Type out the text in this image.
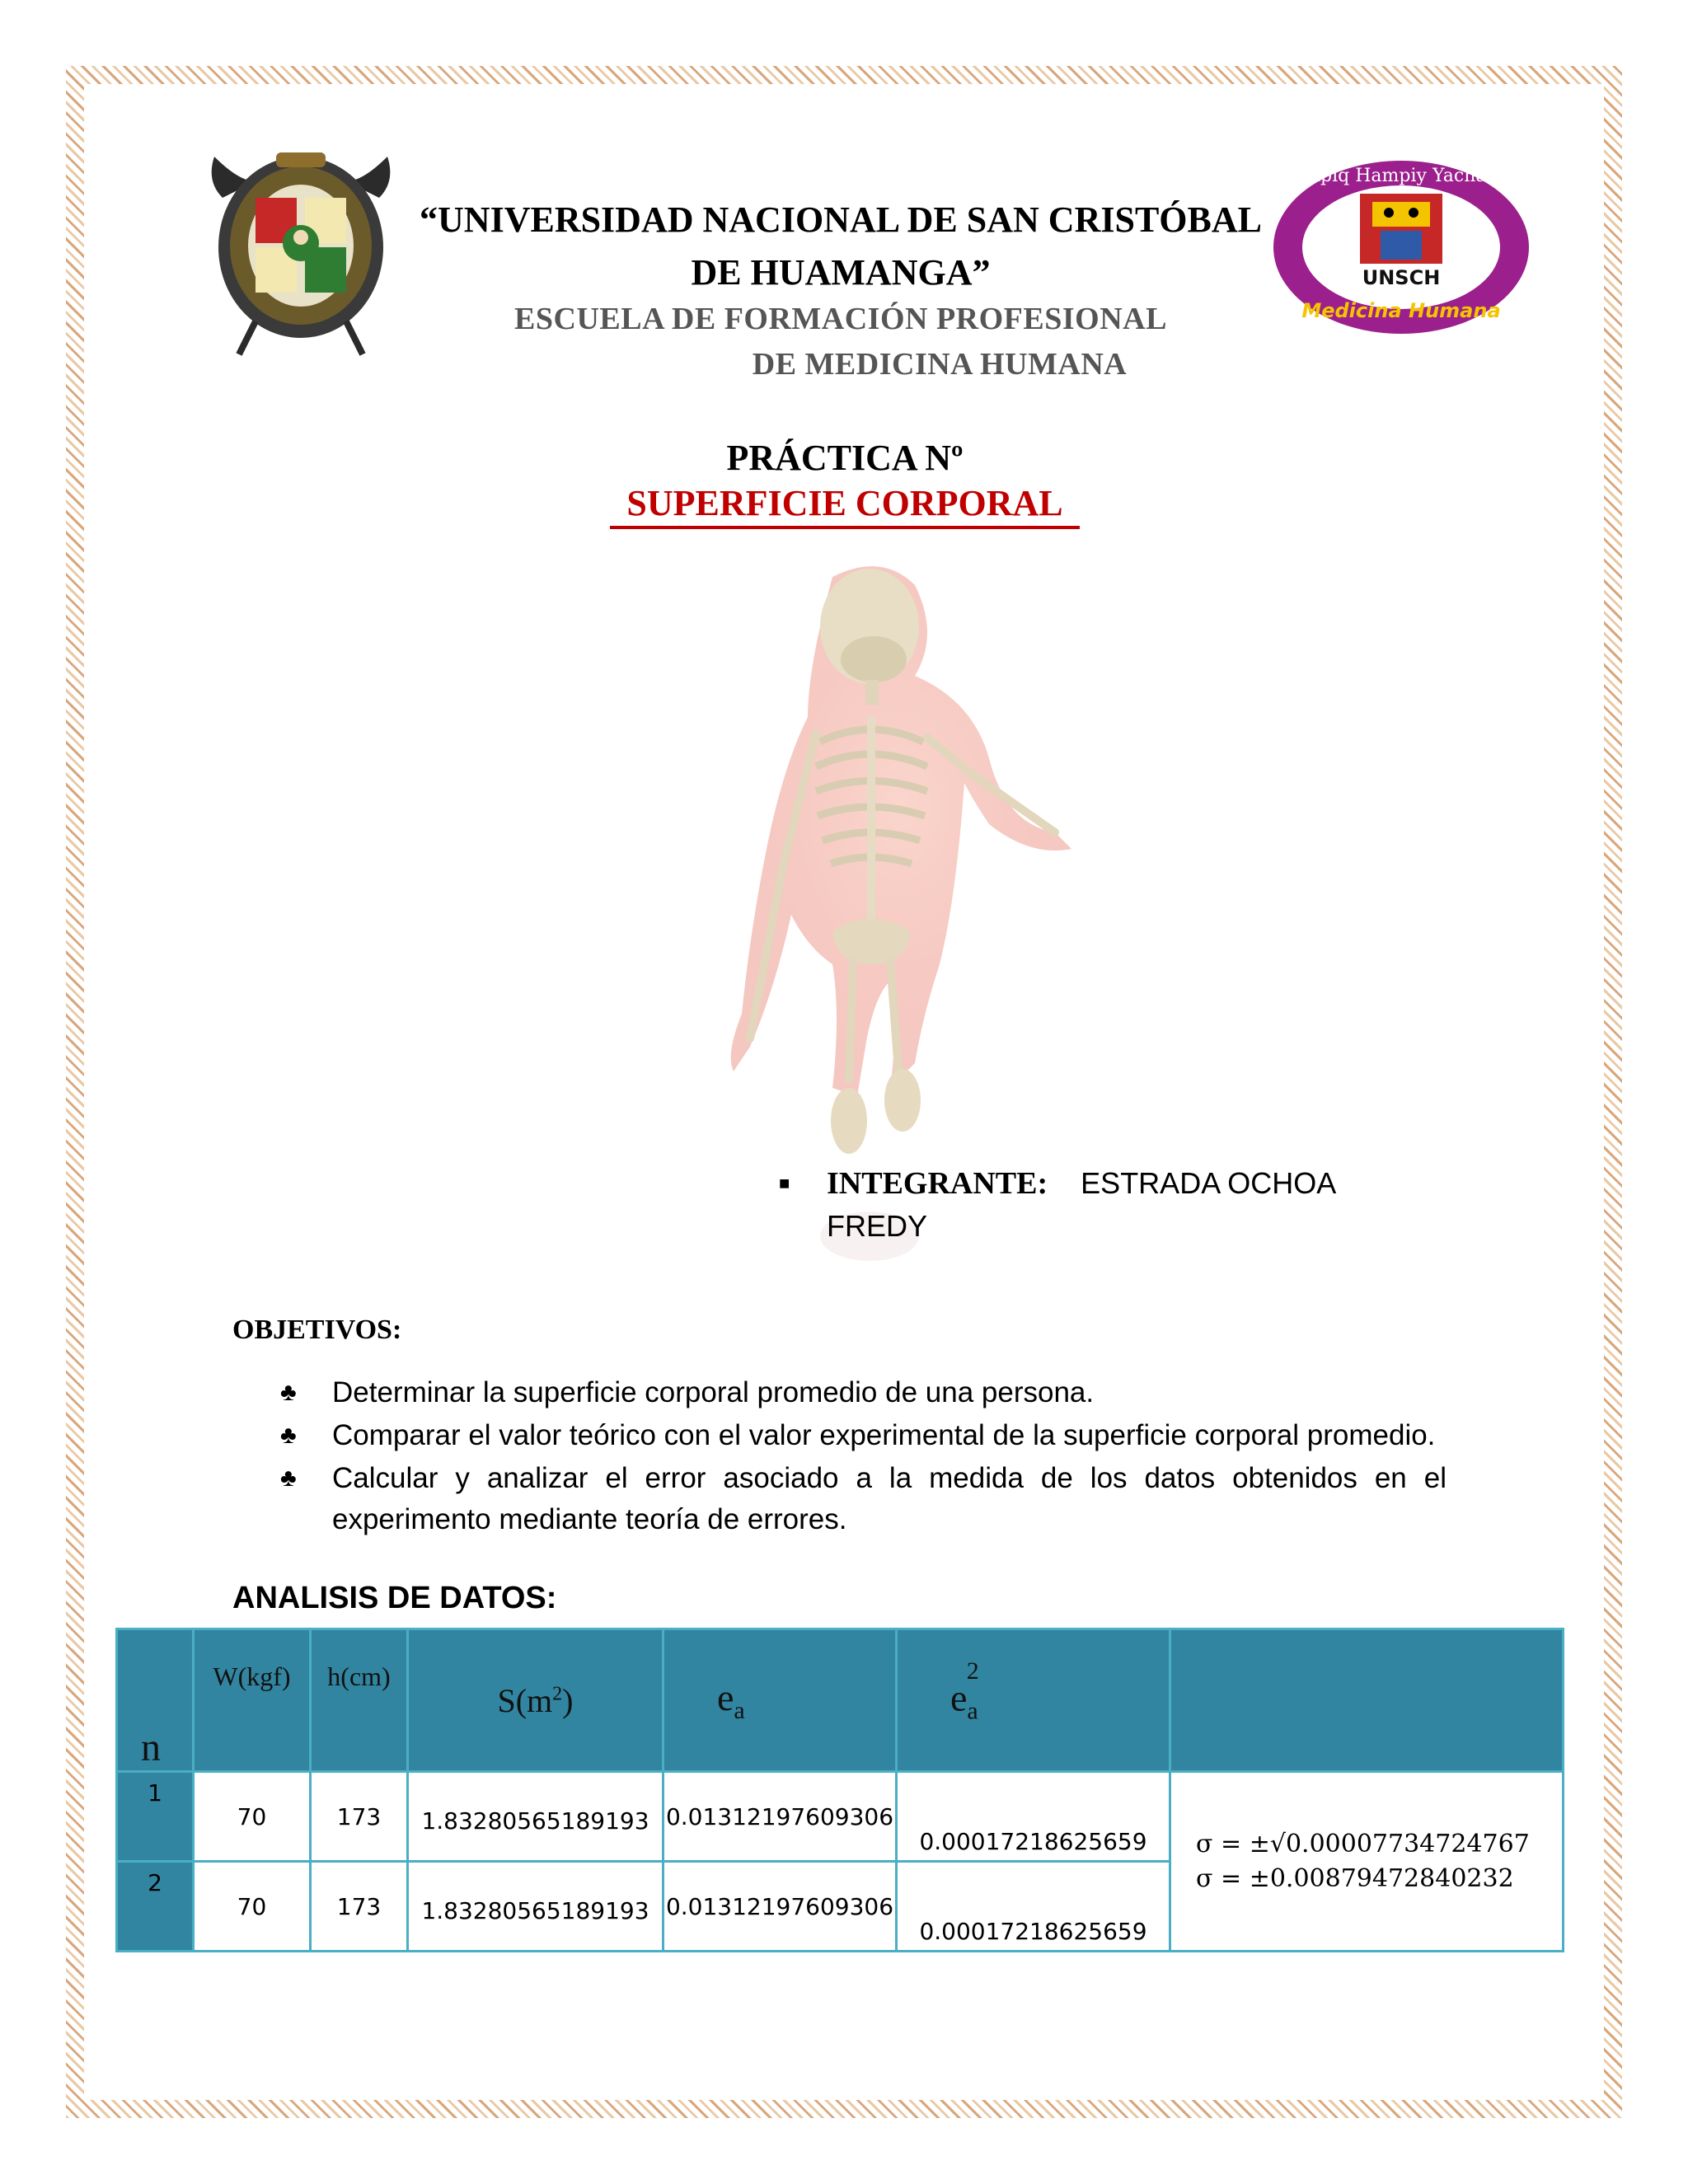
UNSCH
Hampiq Hampiy Yachachiq
Medicina Humana
“UNIVERSIDAD NACIONAL DE SAN CRISTÓBAL
DE HUAMANGA”
ESCUELA DE FORMACIÓN PROFESIONAL
DE MEDICINA HUMANA
PRÁCTICA Nº
SUPERFICIE CORPORAL
■ INTEGRANTE: ESTRADA OCHOA
FREDY
OBJETIVOS:
♣ Determinar la superficie corporal promedio de una persona.
♣ Comparar el valor teórico con el valor experimental de la superficie corporal promedio.
♣ Calcular y analizar el error asociado a la medida de los datos obtenidos en el experimento mediante teoría de errores.
ANALISIS DE DATOS:
n	W(kgf)	h(cm)	$S(m^2)$	$e_a$	$e_a^2$	
1	70	173	1.83280565189193	0.01312197609306	0.00017218625659	σ = ±√0.00007734724767
σ = ±0.00879472840232

2	70	173	1.83280565189193	0.01312197609306	0.00017218625659	
